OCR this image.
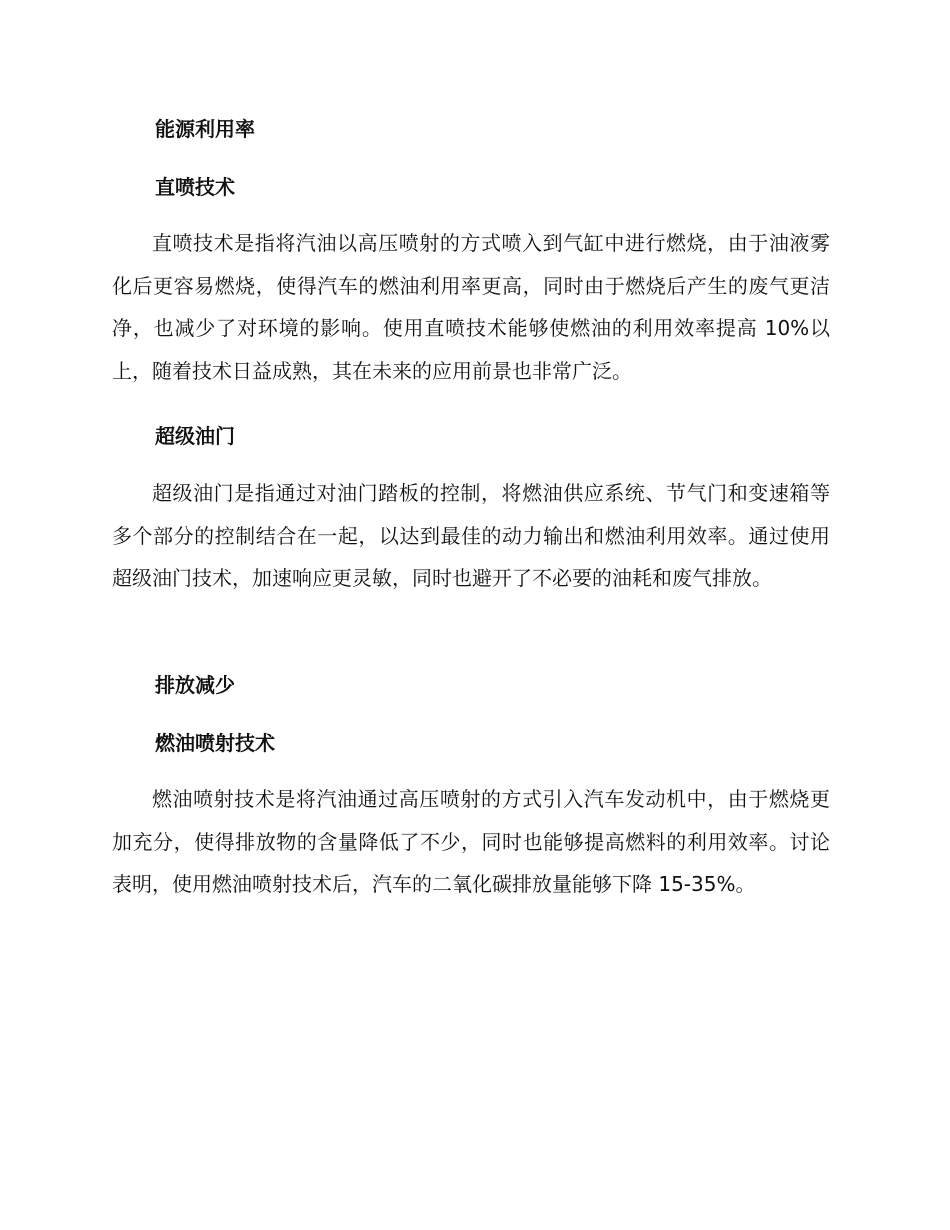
能源利用率
直喷技术

直喷技术是指将汽油以高压喷射的方式喷入到气缸中进行燃烧，由于油液雾化后更容易燃烧，使得汽车的燃油利用率更高，同时由于燃烧后产生的废气更洁净，也减少了对环境的影响。使用直喷技术能够使燃油的利用效率提高 10%以上，随着技术日益成熟，其在未来的应用前景也非常广泛。

超级油门

超级油门是指通过对油门踏板的控制，将燃油供应系统、节气门和变速箱等多个部分的控制结合在一起，以达到最佳的动力输出和燃油利用效率。通过使用超级油门技术，加速响应更灵敏，同时也避开了不必要的油耗和废气排放。

排放减少
燃油喷射技术

燃油喷射技术是将汽油通过高压喷射的方式引入汽车发动机中，由于燃烧更加充分，使得排放物的含量降低了不少，同时也能够提高燃料的利用效率。讨论表明，使用燃油喷射技术后，汽车的二氧化碳排放量能够下降 15-35%。
